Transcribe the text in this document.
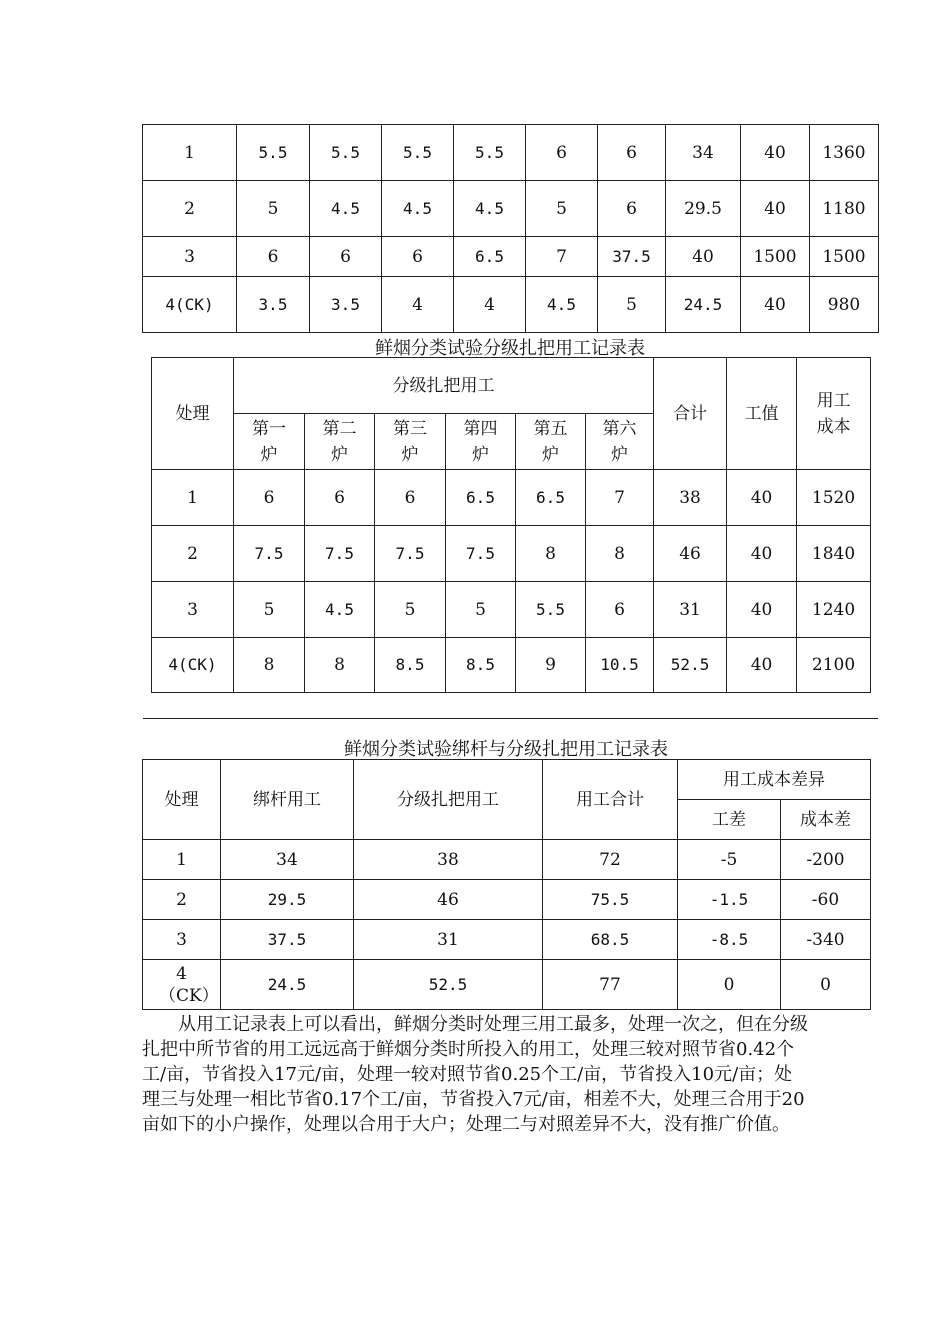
1	5.5	5.5	5.5	5.5	6	6	34	40	1360
2	5	4.5	4.5	4.5	5	6	29.5	40	1180
3	6	6	6	6.5	7	37.5	40	1500	1500
4(CK)	3.5	3.5	4	4	4.5	5	24.5	40	980
鲜烟分类试验分级扎把用工记录表
处理	分级扎把用工						合计	工值	用工成本
	第一炉	第二炉	第三炉	第四炉	第五炉	第六炉			
1	6	6	6	6.5	6.5	7	38	40	1520
2	7.5	7.5	7.5	7.5	8	8	46	40	1840
3	5	4.5	5	5	5.5	6	31	40	1240
4(CK)	8	8	8.5	8.5	9	10.5	52.5	40	2100
鲜烟分类试验绑杆与分级扎把用工记录表
处理	绑杆用工	分级扎把用工	用工合计	用工成本差异	
				工差	成本差
1	34	38	72	-5	-200
2	29.5	46	75.5	-1.5	-60
3	37.5	31	68.5	-8.5	-340
4（CK）	24.5	52.5	77	0	0

从用工记录表上可以看出，鲜烟分类时处理三用工最多，处理一次之，但在分级扎把中所节省的用工远远高于鲜烟分类时所投入的用工，处理三较对照节省0.42个工/亩，节省投入17元/亩，处理一较对照节省0.25个工/亩，节省投入10元/亩；处理三与处理一相比节省0.17个工/亩，节省投入7元/亩，相差不大，处理三合用于20亩如下的小户操作，处理以合用于大户；处理二与对照差异不大，没有推广价值。
